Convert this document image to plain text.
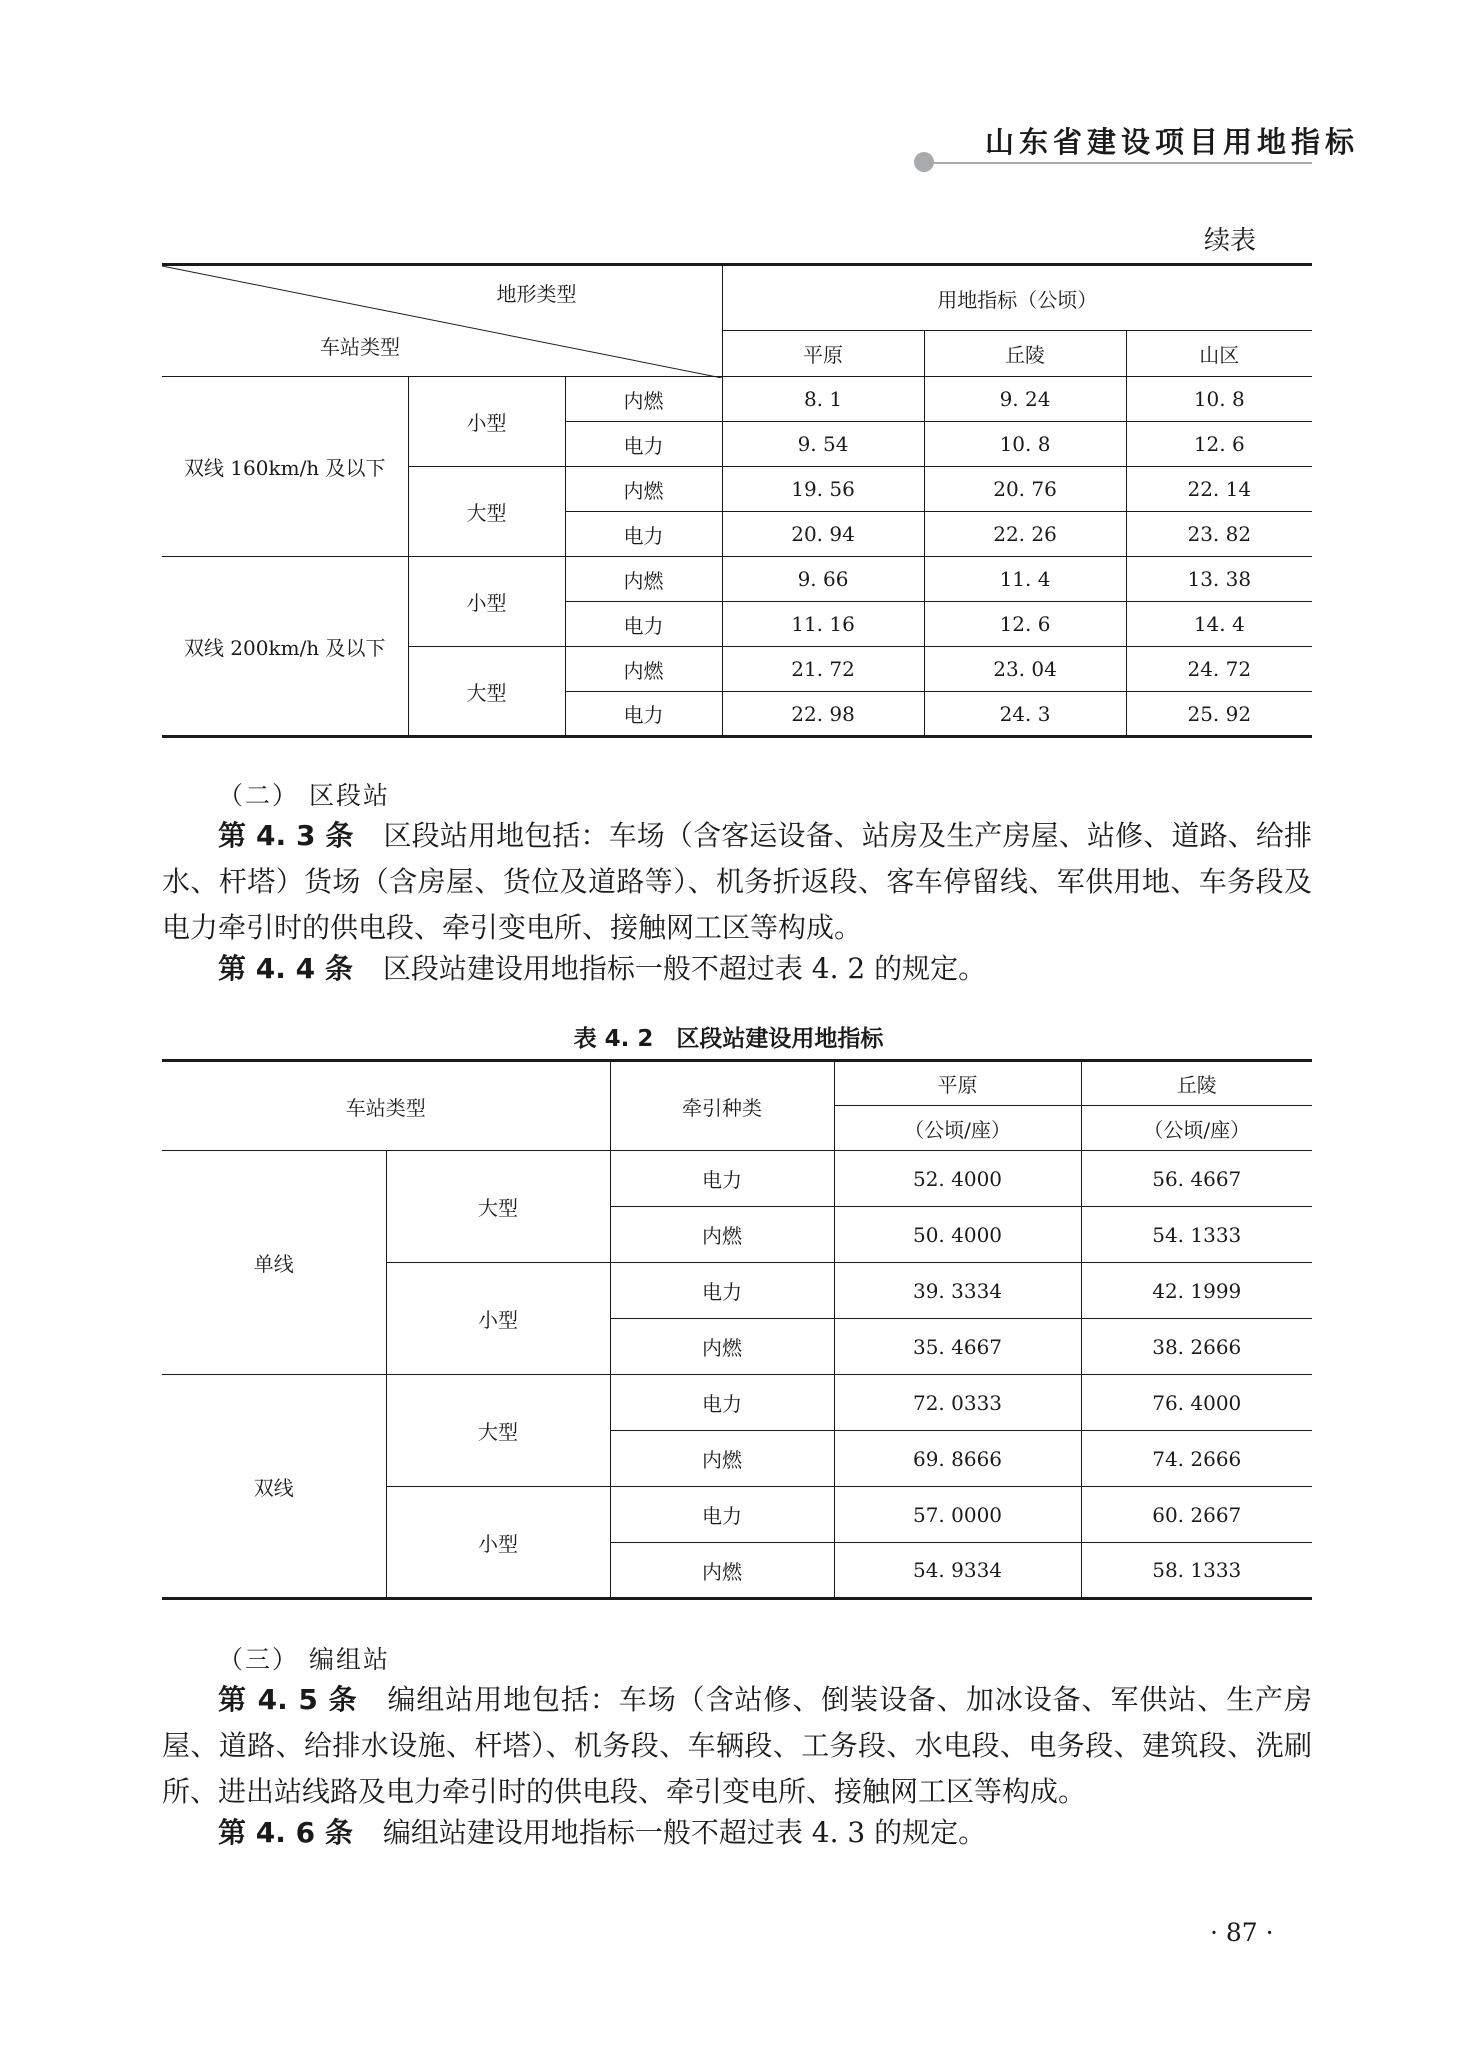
山东省建设项目用地指标
续表
地形类型
车站类型			用地指标（公顷）		
			平原	丘陵	山区
双线 160km/h 及以下	小型	内燃	8. 1	9. 24	10. 8
		电力	9. 54	10. 8	12. 6
	大型	内燃	19. 56	20. 76	22. 14
		电力	20. 94	22. 26	23. 82
双线 200km/h 及以下	小型	内燃	9. 66	11. 4	13. 38
		电力	11. 16	12. 6	14. 4
	大型	内燃	21. 72	23. 04	24. 72
		电力	22. 98	24. 3	25. 92
（二） 区段站
第 4. 3 条 区段站用地包括：车场（含客运设备、站房及生产房屋、站修、道路、给排水、杆塔）货场（含房屋、货位及道路等）、机务折返段、客车停留线、军供用地、车务段及电力牵引时的供电段、牵引变电所、接触网工区等构成。
第 4. 4 条 区段站建设用地指标一般不超过表 4. 2 的规定。
表 4. 2　区段站建设用地指标
车站类型		牵引种类	平原	丘陵
			（公顷/座）	（公顷/座）
单线	大型	电力	52. 4000	56. 4667
		内燃	50. 4000	54. 1333
	小型	电力	39. 3334	42. 1999
		内燃	35. 4667	38. 2666
双线	大型	电力	72. 0333	76. 4000
		内燃	69. 8666	74. 2666
	小型	电力	57. 0000	60. 2667
		内燃	54. 9334	58. 1333
（三） 编组站
第 4. 5 条 编组站用地包括：车场（含站修、倒装设备、加冰设备、军供站、生产房屋、道路、给排水设施、杆塔）、机务段、车辆段、工务段、水电段、电务段、建筑段、洗刷所、进出站线路及电力牵引时的供电段、牵引变电所、接触网工区等构成。
第 4. 6 条 编组站建设用地指标一般不超过表 4. 3 的规定。
· 87 ·
